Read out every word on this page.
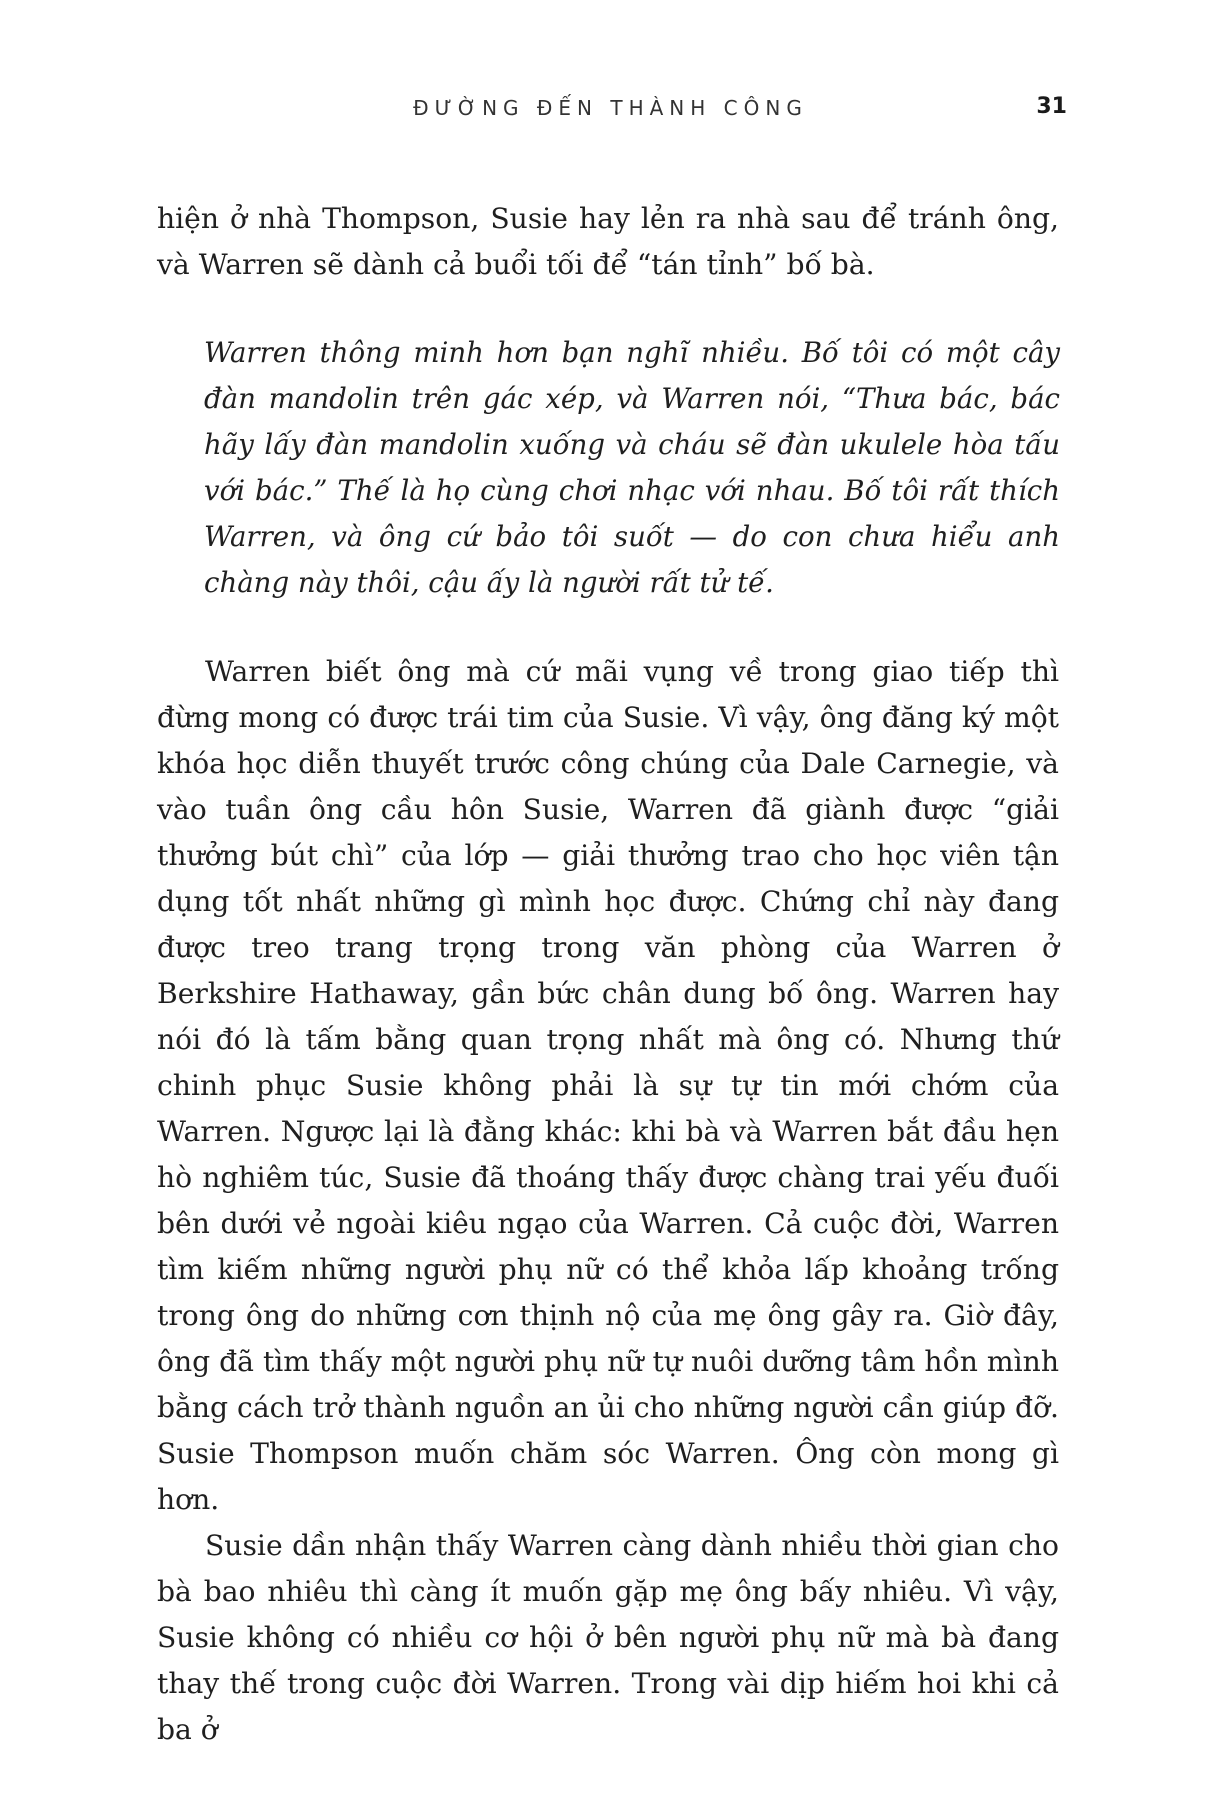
ĐƯỜNG ĐẾN THÀNH CÔNG	31

hiện ở nhà Thompson, Susie hay lẻn ra nhà sau để tránh ông, và Warren sẽ dành cả buổi tối để “tán tỉnh” bố bà.

Warren thông minh hơn bạn nghĩ nhiều. Bố tôi có một cây đàn mandolin trên gác xép, và Warren nói, “Thưa bác, bác hãy lấy đàn mandolin xuống và cháu sẽ đàn ukulele hòa tấu với bác.” Thế là họ cùng chơi nhạc với nhau. Bố tôi rất thích Warren, và ông cứ bảo tôi suốt — do con chưa hiểu anh chàng này thôi, cậu ấy là người rất tử tế.

Warren biết ông mà cứ mãi vụng về trong giao tiếp thì đừng mong có được trái tim của Susie. Vì vậy, ông đăng ký một khóa học diễn thuyết trước công chúng của Dale Carnegie, và vào tuần ông cầu hôn Susie, Warren đã giành được “giải thưởng bút chì” của lớp — giải thưởng trao cho học viên tận dụng tốt nhất những gì mình học được. Chứng chỉ này đang được treo trang trọng trong văn phòng của Warren ở Berkshire Hathaway, gần bức chân dung bố ông. Warren hay nói đó là tấm bằng quan trọng nhất mà ông có. Nhưng thứ chinh phục Susie không phải là sự tự tin mới chớm của Warren. Ngược lại là đằng khác: khi bà và Warren bắt đầu hẹn hò nghiêm túc, Susie đã thoáng thấy được chàng trai yếu đuối bên dưới vẻ ngoài kiêu ngạo của Warren. Cả cuộc đời, Warren tìm kiếm những người phụ nữ có thể khỏa lấp khoảng trống trong ông do những cơn thịnh nộ của mẹ ông gây ra. Giờ đây, ông đã tìm thấy một người phụ nữ tự nuôi dưỡng tâm hồn mình bằng cách trở thành nguồn an ủi cho những người cần giúp đỡ. Susie Thompson muốn chăm sóc Warren. Ông còn mong gì hơn.

Susie dần nhận thấy Warren càng dành nhiều thời gian cho bà bao nhiêu thì càng ít muốn gặp mẹ ông bấy nhiêu. Vì vậy, Susie không có nhiều cơ hội ở bên người phụ nữ mà bà đang thay thế trong cuộc đời Warren. Trong vài dịp hiếm hoi khi cả ba ở
